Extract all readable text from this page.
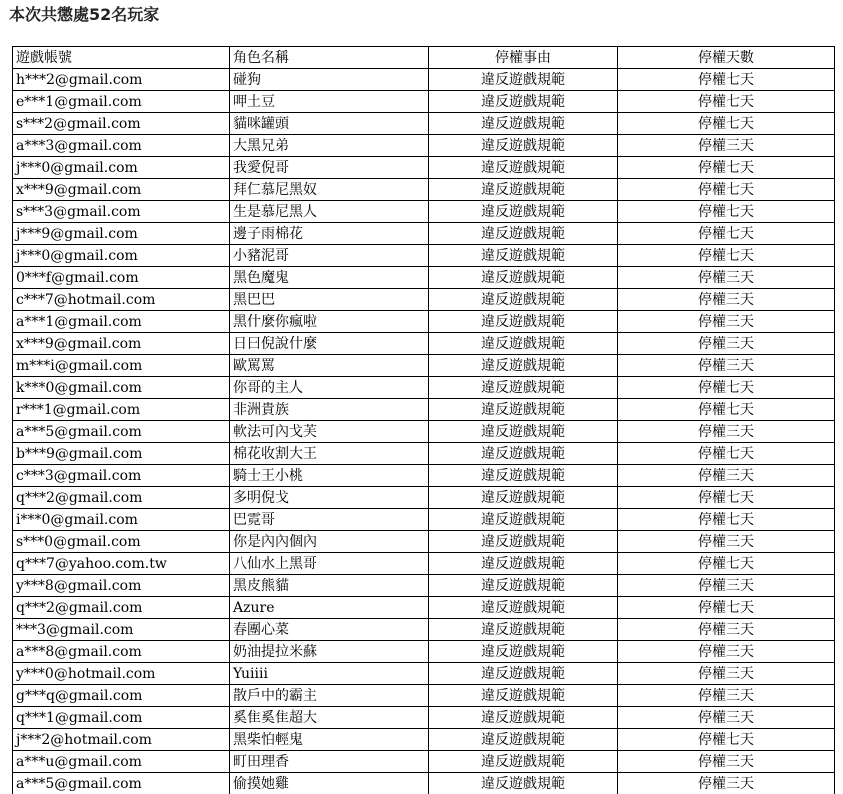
本次共懲處52名玩家
遊戲帳號	角色名稱	停權事由	停權天數
h***2@gmail.com	碰狗	違反遊戲規範	停權七天
e***1@gmail.com	呷土豆	違反遊戲規範	停權七天
s***2@gmail.com	貓咪罐頭	違反遊戲規範	停權七天
a***3@gmail.com	大黑兄弟	違反遊戲規範	停權三天
j***0@gmail.com	我愛倪哥	違反遊戲規範	停權七天
x***9@gmail.com	拜仁慕尼黑奴	違反遊戲規範	停權七天
s***3@gmail.com	生是慕尼黑人	違反遊戲規範	停權七天
j***9@gmail.com	邊子雨棉花	違反遊戲規範	停權七天
j***0@gmail.com	小豬泥哥	違反遊戲規範	停權七天
0***f@gmail.com	黑色魔鬼	違反遊戲規範	停權三天
c***7@hotmail.com	黑巴巴	違反遊戲規範	停權三天
a***1@gmail.com	黑什麼你瘋啦	違反遊戲規範	停權三天
x***9@gmail.com	日曰倪說什麼	違反遊戲規範	停權三天
m***i@gmail.com	歐罵罵	違反遊戲規範	停權三天
k***0@gmail.com	你哥的主人	違反遊戲規範	停權七天
r***1@gmail.com	非洲貴族	違反遊戲規範	停權七天
a***5@gmail.com	軟法可內戈芙	違反遊戲規範	停權三天
b***9@gmail.com	棉花收割大王	違反遊戲規範	停權七天
c***3@gmail.com	騎士王小桃	違反遊戲規範	停權三天
q***2@gmail.com	多明倪戈	違反遊戲規範	停權七天
i***0@gmail.com	巴霓哥	違反遊戲規範	停權七天
s***0@gmail.com	你是內內個內	違反遊戲規範	停權三天
q***7@yahoo.com.tw	八仙水上黑哥	違反遊戲規範	停權七天
y***8@gmail.com	黑皮熊貓	違反遊戲規範	停權三天
q***2@gmail.com	Azure	違反遊戲規範	停權七天
***3@gmail.com	春團心菜	違反遊戲規範	停權三天
a***8@gmail.com	奶油提拉米蘇	違反遊戲規範	停權三天
y***0@hotmail.com	Yuiiii	違反遊戲規範	停權三天
g***q@gmail.com	散戶中的霸主	違反遊戲規範	停權三天
q***1@gmail.com	奚隹奚隹超大	違反遊戲規範	停權三天
j***2@hotmail.com	黑柴怕輕鬼	違反遊戲規範	停權七天
a***u@gmail.com	町田理香	違反遊戲規範	停權三天
a***5@gmail.com	偷摸她雞	違反遊戲規範	停權三天
